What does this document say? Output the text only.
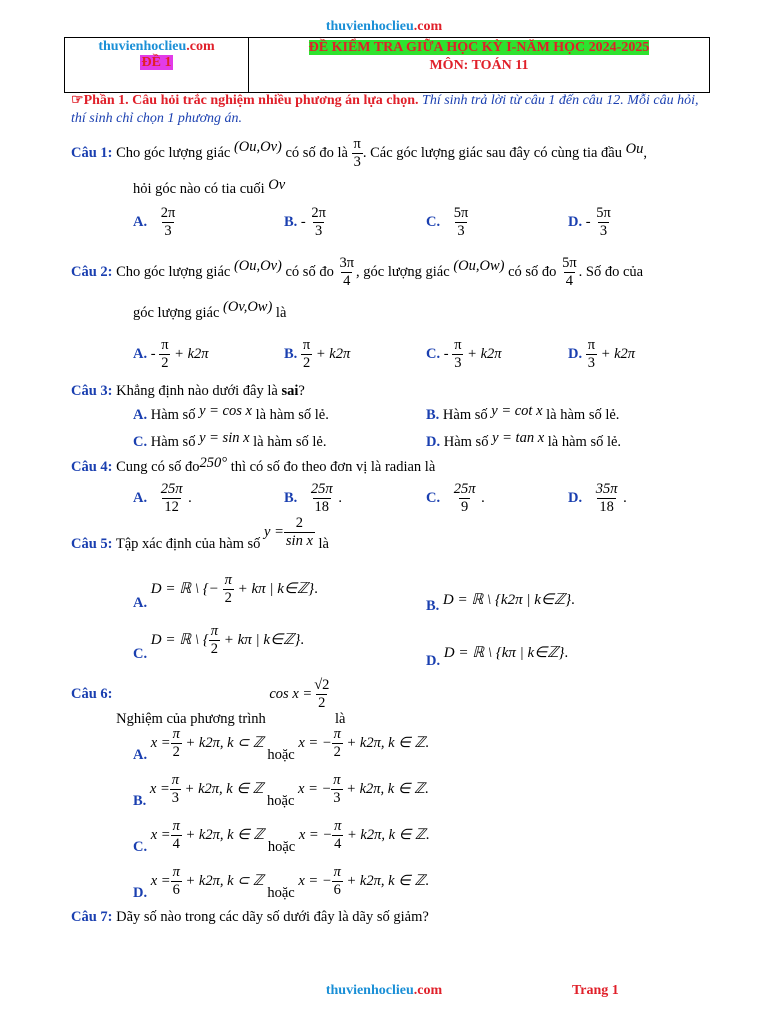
thuvienhoclieu.com
thuvienhoclieu.com
ĐỀ 1
ĐỀ KIỂM TRA GIỮA HỌC KỲ I-NĂM HỌC 2024-2025
MÔN: TOÁN 11
☞Phần 1. Câu hỏi trắc nghiệm nhiều phương án lựa chọn. Thí sinh trả lời từ câu 1 đến câu 12. Mỗi câu hỏi, thí sinh chỉ chọn 1 phương án.
Câu 1: Cho góc lượng giác (Ou,Ov) có số đo là $\frac{\pi}{3}$ . Các góc lượng giác sau đây có cùng tia đầu Ou,
hỏi góc nào có tia cuối Ov
A. $\frac{2\pi}{3}$	B. - $\frac{2\pi}{3}$	C. $\frac{5\pi}{3}$	D. - $\frac{5\pi}{3}$
Câu 2: Cho góc lượng giác (Ou,Ov) có số đo $\frac{3\pi}{4}$ , góc lượng giác (Ou,Ow) có số đo $\frac{5\pi}{4}$ . Số đo của
góc lượng giác (Ov,Ow) là
A. - $\frac{\pi}{2} + k2\pi$	B. $\frac{\pi}{2} + k2\pi$	C. - $\frac{\pi}{3} + k2\pi$	D. $\frac{\pi}{3} + k2\pi$
Câu 3: Khẳng định nào dưới đây là sai?
A. Hàm số y = cos x là hàm số lẻ.	B. Hàm số y = cot x là hàm số lẻ.
C. Hàm số y = sin x là hàm số lẻ.	D. Hàm số y = tan x là hàm số lẻ.
Câu 4: Cung có số đo250° thì có số đo theo đơn vị là radian là
A. $\frac{25\pi}{12}$ .	B. $\frac{25\pi}{18}$ .	C. $\frac{25\pi}{9}$ .	D. $\frac{35\pi}{18}$ .
Câu 5: Tập xác định của hàm số $y = \frac{2}{\text{sin x}}$ là
A. D = ℝ \ {− $\frac{\pi}{2} + k\pi$ | k∈ℤ}.
B. D = ℝ \ {k2π | k∈ℤ}.
C. D = ℝ \ { $\frac{\pi}{2} + k\pi$ | k∈ℤ}.
D. D = ℝ \ {kπ | k∈ℤ}.
Câu 6: Nghiệm của phương trình $\cos x = \frac{√2}{2}$
là
A. $x = \frac{\pi}{2} + k2\pi$, k ⊂ ℤ hoặc x = − $\frac{\pi}{2} + k2\pi$, k ∈ ℤ.
B. $x = \frac{\pi}{3} + k2\pi$, k ∈ ℤ hoặc x = − $\frac{\pi}{3} + k2\pi$, k ∈ ℤ.
C. $x = \frac{\pi}{4} + k2\pi$, k ∈ ℤ hoặc x = − $\frac{\pi}{4} + k2\pi$, k ∈ ℤ.
D. $x = \frac{\pi}{6} + k2\pi$, k ⊂ ℤ hoặc x = − $\frac{\pi}{6} + k2\pi$, k ∈ ℤ.
Câu 7: Dãy số nào trong các dãy số dưới đây là dãy số giảm?
thuvienhoclieu.com	Trang 1
